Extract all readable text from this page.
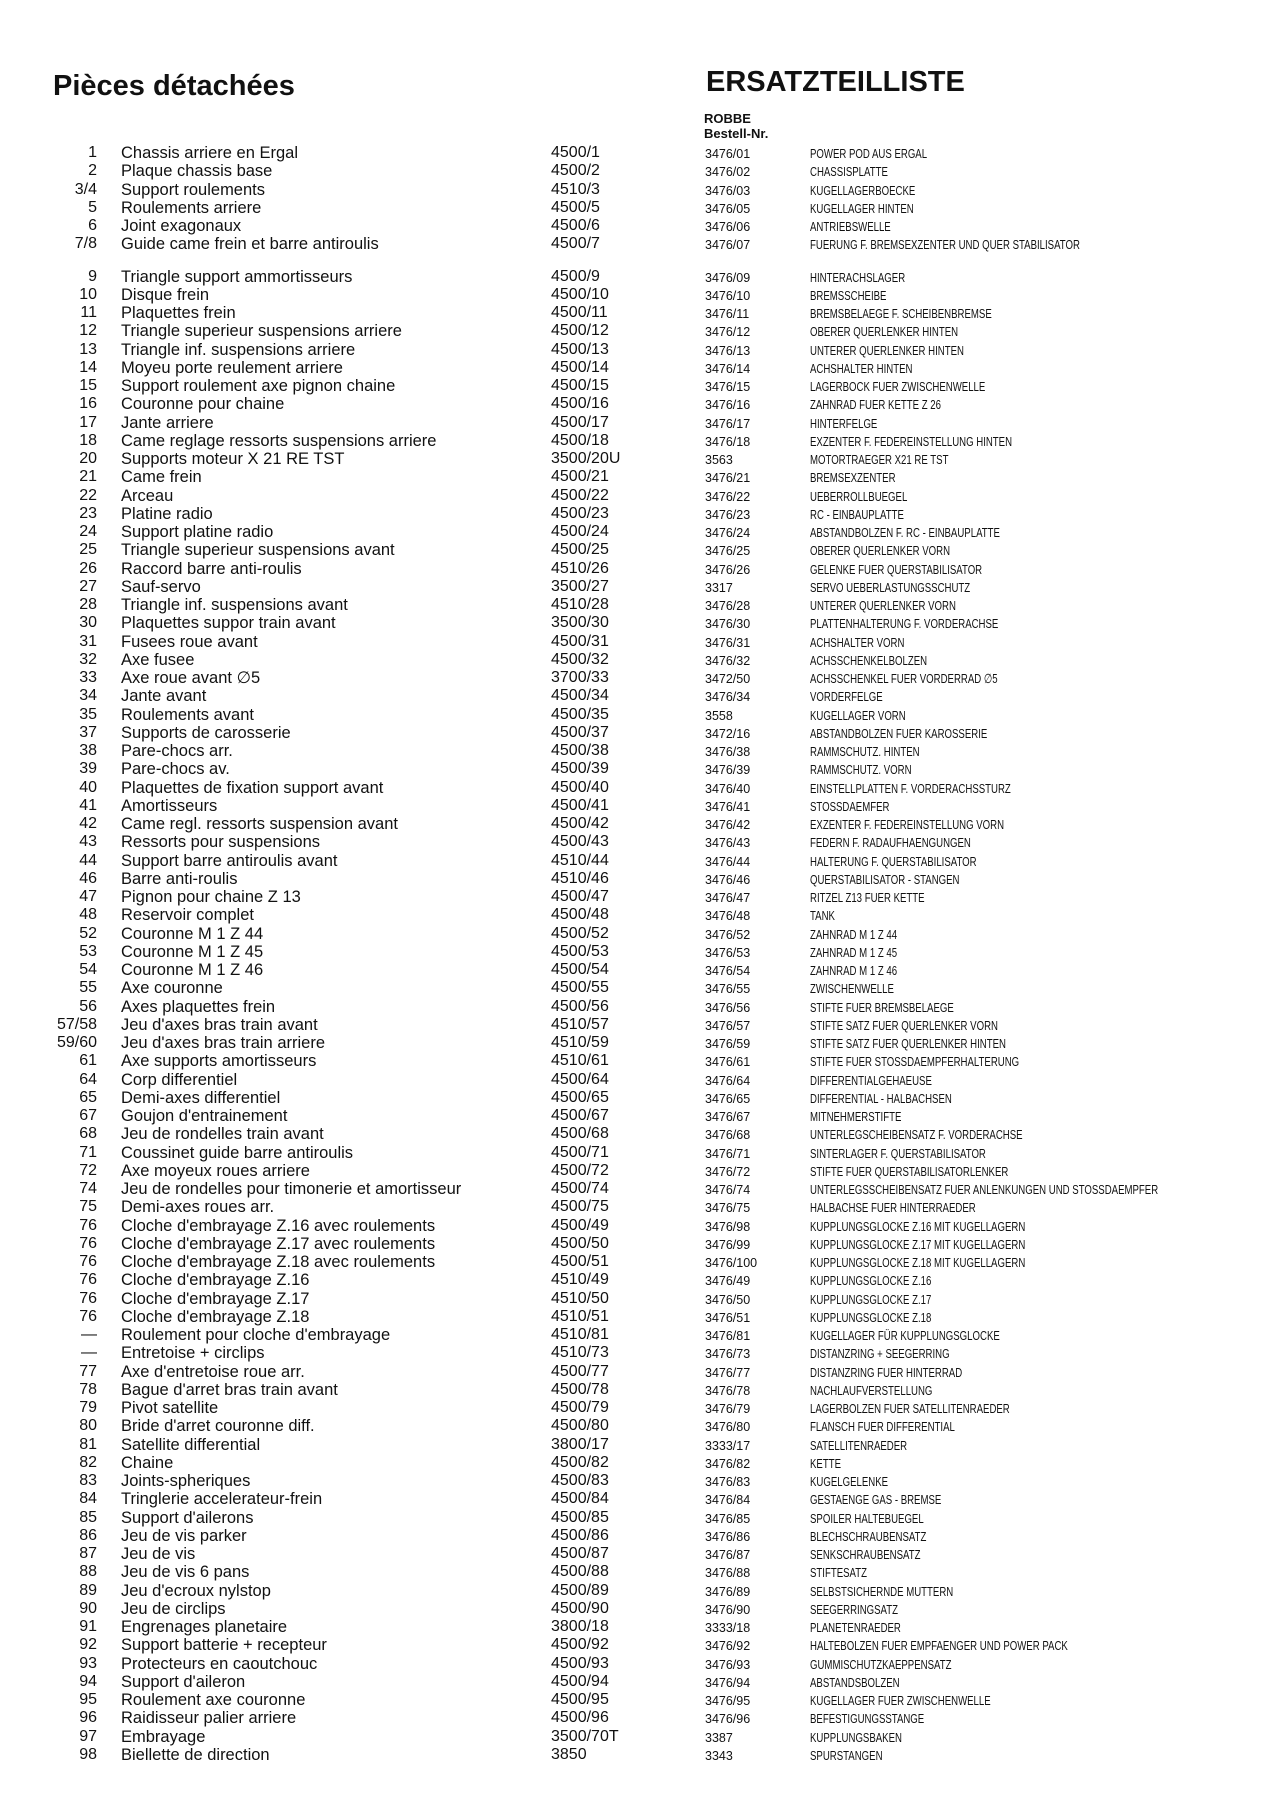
Pièces détachées	ERSATZTEILLISTE
ROBBE
Bestell-Nr.
1 Chassis arriere en Ergal	4500/1	3476/01	POWER POD AUS ERGAL
2 Plaque chassis base	4500/2	3476/02	CHASSISPLATTE
3/4 Support roulements	4510/3	3476/03	KUGELLAGERBOECKE
5 Roulements arriere	4500/5	3476/05	KUGELLAGER HINTEN
6 Joint exagonaux	4500/6	3476/06	ANTRIEBSWELLE
7/8 Guide came frein et barre antiroulis	4500/7	3476/07	FUERUNG F. BREMSEXZENTER UND QUER STABILISATOR
9 Triangle support ammortisseurs	4500/9	3476/09	HINTERACHSLAGER
10 Disque frein	4500/10	3476/10	BREMSSCHEIBE
11 Plaquettes frein	4500/11	3476/11	BREMSBELAEGE F. SCHEIBENBREMSE
12 Triangle superieur suspensions arriere	4500/12	3476/12	OBERER QUERLENKER HINTEN
13 Triangle inf. suspensions arriere	4500/13	3476/13	UNTERER QUERLENKER HINTEN
14 Moyeu porte reulement arriere	4500/14	3476/14	ACHSHALTER HINTEN
15 Support roulement axe pignon chaine	4500/15	3476/15	LAGERBOCK FUER ZWISCHENWELLE
16 Couronne pour chaine	4500/16	3476/16	ZAHNRAD FUER KETTE Z 26
17 Jante arriere	4500/17	3476/17	HINTERFELGE
18 Came reglage ressorts suspensions arriere	4500/18	3476/18	EXZENTER F. FEDEREINSTELLUNG HINTEN
20 Supports moteur X 21 RE TST	3500/20U	3563	MOTORTRAEGER X21 RE TST
21 Came frein	4500/21	3476/21	BREMSEXZENTER
22 Arceau	4500/22	3476/22	UEBERROLLBUEGEL
23 Platine radio	4500/23	3476/23	RC - EINBAUPLATTE
24 Support platine radio	4500/24	3476/24	ABSTANDBOLZEN F. RC - EINBAUPLATTE
25 Triangle superieur suspensions avant	4500/25	3476/25	OBERER QUERLENKER VORN
26 Raccord barre anti-roulis	4510/26	3476/26	GELENKE FUER QUERSTABILISATOR
27 Sauf-servo	3500/27	3317	SERVO UEBERLASTUNGSSCHUTZ
28 Triangle inf. suspensions avant	4510/28	3476/28	UNTERER QUERLENKER VORN
30 Plaquettes suppor train avant	3500/30	3476/30	PLATTENHALTERUNG F. VORDERACHSE
31 Fusees roue avant	4500/31	3476/31	ACHSHALTER VORN
32 Axe fusee	4500/32	3476/32	ACHSSCHENKELBOLZEN
33 Axe roue avant ∅5	3700/33	3472/50	ACHSSCHENKEL FUER VORDERRAD ∅5
34 Jante avant	4500/34	3476/34	VORDERFELGE
35 Roulements avant	4500/35	3558	KUGELLAGER VORN
37 Supports de carosserie	4500/37	3472/16	ABSTANDBOLZEN FUER KAROSSERIE
38 Pare-chocs arr.	4500/38	3476/38	RAMMSCHUTZ. HINTEN
39 Pare-chocs av.	4500/39	3476/39	RAMMSCHUTZ. VORN
40 Plaquettes de fixation support avant	4500/40	3476/40	EINSTELLPLATTEN F. VORDERACHSSTURZ
41 Amortisseurs	4500/41	3476/41	STOSSDAEMFER
42 Came regl. ressorts suspension avant	4500/42	3476/42	EXZENTER F. FEDEREINSTELLUNG VORN
43 Ressorts pour suspensions	4500/43	3476/43	FEDERN F. RADAUFHAENGUNGEN
44 Support barre antiroulis avant	4510/44	3476/44	HALTERUNG F. QUERSTABILISATOR
46 Barre anti-roulis	4510/46	3476/46	QUERSTABILISATOR - STANGEN
47 Pignon pour chaine Z 13	4500/47	3476/47	RITZEL Z13 FUER KETTE
48 Reservoir complet	4500/48	3476/48	TANK
52 Couronne M 1 Z 44	4500/52	3476/52	ZAHNRAD M 1 Z 44
53 Couronne M 1 Z 45	4500/53	3476/53	ZAHNRAD M 1 Z 45
54 Couronne M 1 Z 46	4500/54	3476/54	ZAHNRAD M 1 Z 46
55 Axe couronne	4500/55	3476/55	ZWISCHENWELLE
56 Axes plaquettes frein	4500/56	3476/56	STIFTE FUER BREMSBELAEGE
57/58 Jeu d'axes bras train avant	4510/57	3476/57	STIFTE SATZ FUER QUERLENKER VORN
59/60 Jeu d'axes bras train arriere	4510/59	3476/59	STIFTE SATZ FUER QUERLENKER HINTEN
61 Axe supports amortisseurs	4510/61	3476/61	STIFTE FUER STOSSDAEMPFERHALTERUNG
64 Corp differentiel	4500/64	3476/64	DIFFERENTIALGEHAEUSE
65 Demi-axes differentiel	4500/65	3476/65	DIFFERENTIAL - HALBACHSEN
67 Goujon d'entrainement	4500/67	3476/67	MITNEHMERSTIFTE
68 Jeu de rondelles train avant	4500/68	3476/68	UNTERLEGSCHEIBENSATZ F. VORDERACHSE
71 Coussinet guide barre antiroulis	4500/71	3476/71	SINTERLAGER F. QUERSTABILISATOR
72 Axe moyeux roues arriere	4500/72	3476/72	STIFTE FUER QUERSTABILISATORLENKER
74 Jeu de rondelles pour timonerie et amortisseur	4500/74	3476/74	UNTERLEGSSCHEIBENSATZ FUER ANLENKUNGEN UND STOSSDAEMPFER
75 Demi-axes roues arr.	4500/75	3476/75	HALBACHSE FUER HINTERRAEDER
76 Cloche d'embrayage Z.16 avec roulements	4500/49	3476/98	KUPPLUNGSGLOCKE Z.16 MIT KUGELLAGERN
76 Cloche d'embrayage Z.17 avec roulements	4500/50	3476/99	KUPPLUNGSGLOCKE Z.17 MIT KUGELLAGERN
76 Cloche d'embrayage Z.18 avec roulements	4500/51	3476/100	KUPPLUNGSGLOCKE Z.18 MIT KUGELLAGERN
76 Cloche d'embrayage Z.16	4510/49	3476/49	KUPPLUNGSGLOCKE Z.16
76 Cloche d'embrayage Z.17	4510/50	3476/50	KUPPLUNGSGLOCKE Z.17
76 Cloche d'embrayage Z.18	4510/51	3476/51	KUPPLUNGSGLOCKE Z.18
— Roulement pour cloche d'embrayage	4510/81	3476/81	KUGELLAGER FÜR KUPPLUNGSGLOCKE
— Entretoise + circlips	4510/73	3476/73	DISTANZRING + SEEGERRING
77 Axe d'entretoise roue arr.	4500/77	3476/77	DISTANZRING FUER HINTERRAD
78 Bague d'arret bras train avant	4500/78	3476/78	NACHLAUFVERSTELLUNG
79 Pivot satellite	4500/79	3476/79	LAGERBOLZEN FUER SATELLITENRAEDER
80 Bride d'arret couronne diff.	4500/80	3476/80	FLANSCH FUER DIFFERENTIAL
81 Satellite differential	3800/17	3333/17	SATELLITENRAEDER
82 Chaine	4500/82	3476/82	KETTE
83 Joints-spheriques	4500/83	3476/83	KUGELGELENKE
84 Tringlerie accelerateur-frein	4500/84	3476/84	GESTAENGE GAS - BREMSE
85 Support d'ailerons	4500/85	3476/85	SPOILER HALTEBUEGEL
86 Jeu de vis parker	4500/86	3476/86	BLECHSCHRAUBENSATZ
87 Jeu de vis	4500/87	3476/87	SENKSCHRAUBENSATZ
88 Jeu de vis 6 pans	4500/88	3476/88	STIFTESATZ
89 Jeu d'ecroux nylstop	4500/89	3476/89	SELBSTSICHERNDE MUTTERN
90 Jeu de circlips	4500/90	3476/90	SEEGERRINGSATZ
91 Engrenages planetaire	3800/18	3333/18	PLANETENRAEDER
92 Support batterie + recepteur	4500/92	3476/92	HALTEBOLZEN FUER EMPFAENGER UND POWER PACK
93 Protecteurs en caoutchouc	4500/93	3476/93	GUMMISCHUTZKAEPPENSATZ
94 Support d'aileron	4500/94	3476/94	ABSTANDSBOLZEN
95 Roulement axe couronne	4500/95	3476/95	KUGELLAGER FUER ZWISCHENWELLE
96 Raidisseur palier arriere	4500/96	3476/96	BEFESTIGUNGSSTANGE
97 Embrayage	3500/70T	3387	KUPPLUNGSBAKEN
98 Biellette de direction	3850	3343	SPURSTANGEN
